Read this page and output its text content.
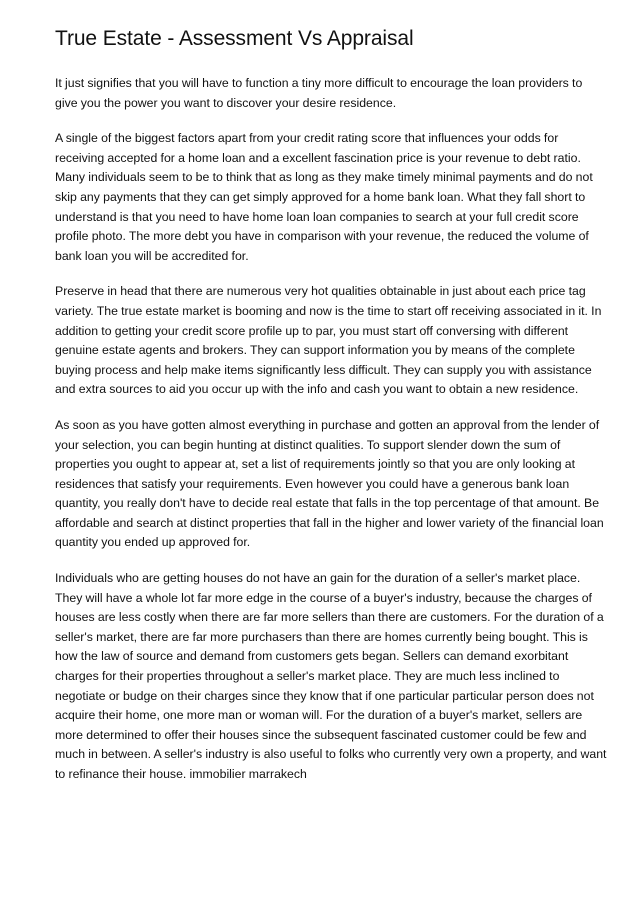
True Estate - Assessment Vs Appraisal

It just signifies that you will have to function a tiny more difficult to encourage the loan providers to give you the power you want to discover your desire residence.

A single of the biggest factors apart from your credit rating score that influences your odds for receiving accepted for a home loan and a excellent fascination price is your revenue to debt ratio. Many individuals seem to be to think that as long as they make timely minimal payments and do not skip any payments that they can get simply approved for a home bank loan. What they fall short to understand is that you need to have home loan loan companies to search at your full credit score profile photo. The more debt you have in comparison with your revenue, the reduced the volume of bank loan you will be accredited for.

Preserve in head that there are numerous very hot qualities obtainable in just about each price tag variety. The true estate market is booming and now is the time to start off receiving associated in it. In addition to getting your credit score profile up to par, you must start off conversing with different genuine estate agents and brokers. They can support information you by means of the complete buying process and help make items significantly less difficult. They can supply you with assistance and extra sources to aid you occur up with the info and cash you want to obtain a new residence.

As soon as you have gotten almost everything in purchase and gotten an approval from the lender of your selection, you can begin hunting at distinct qualities. To support slender down the sum of properties you ought to appear at, set a list of requirements jointly so that you are only looking at residences that satisfy your requirements. Even however you could have a generous bank loan quantity, you really don't have to decide real estate that falls in the top percentage of that amount. Be affordable and search at distinct properties that fall in the higher and lower variety of the financial loan quantity you ended up approved for.

Individuals who are getting houses do not have an gain for the duration of a seller's market place. They will have a whole lot far more edge in the course of a buyer's industry, because the charges of houses are less costly when there are far more sellers than there are customers. For the duration of a seller's market, there are far more purchasers than there are homes currently being bought. This is how the law of source and demand from customers gets began. Sellers can demand exorbitant charges for their properties throughout a seller's market place. They are much less inclined to negotiate or budge on their charges since they know that if one particular particular person does not acquire their home, one more man or woman will. For the duration of a buyer's market, sellers are more determined to offer their houses since the subsequent fascinated customer could be few and much in between. A seller's industry is also useful to folks who currently very own a property, and want to refinance their house. immobilier marrakech
